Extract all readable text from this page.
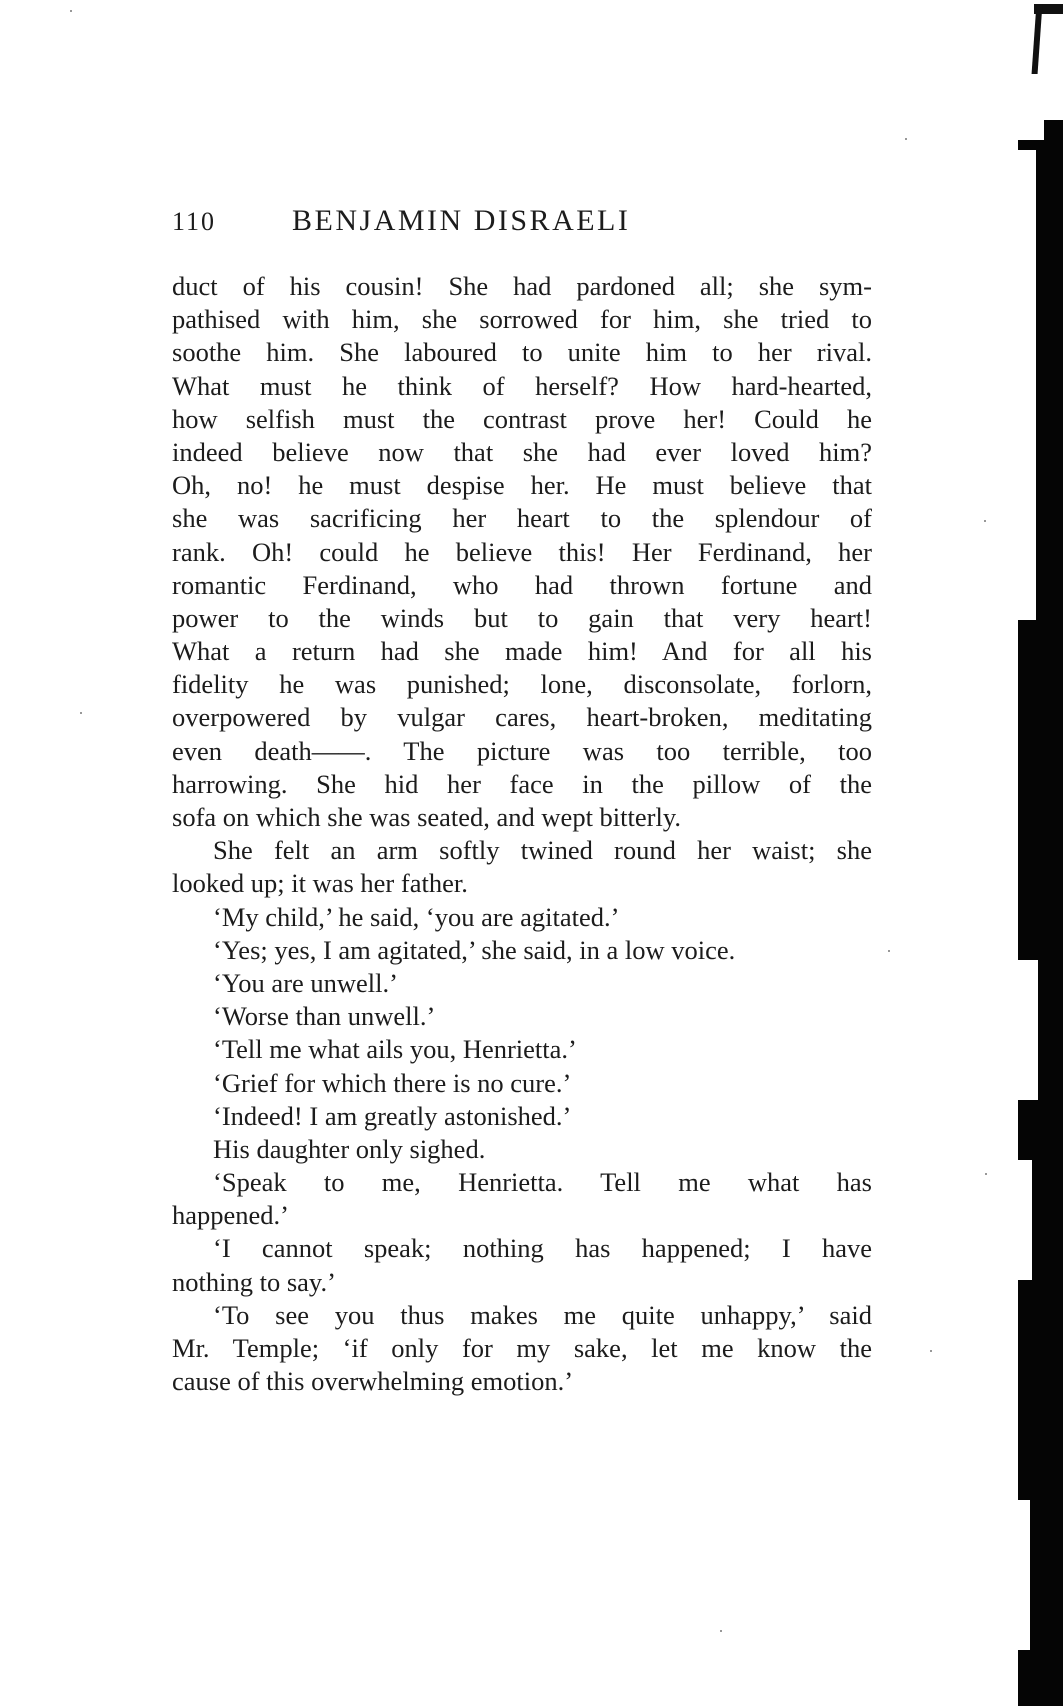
110	BENJAMIN DISRAELI
duct of his cousin! She had pardoned all; she sym-
pathised with him, she sorrowed for him, she tried to
soothe him. She laboured to unite him to her rival.
What must he think of herself? How hard-hearted,
how selfish must the contrast prove her! Could he
indeed believe now that she had ever loved him?
Oh, no! he must despise her. He must believe that
she was sacrificing her heart to the splendour of
rank. Oh! could he believe this! Her Ferdinand, her
romantic Ferdinand, who had thrown fortune and
power to the winds but to gain that very heart!
What a return had she made him! And for all his
fidelity he was punished; lone, disconsolate, forlorn,
overpowered by vulgar cares, heart-broken, meditating
even death——. The picture was too terrible, too
harrowing. She hid her face in the pillow of the
sofa on which she was seated, and wept bitterly.
She felt an arm softly twined round her waist; she
looked up; it was her father.
‘My child,’ he said, ‘you are agitated.’
‘Yes; yes, I am agitated,’ she said, in a low voice.
‘You are unwell.’
‘Worse than unwell.’
‘Tell me what ails you, Henrietta.’
‘Grief for which there is no cure.’
‘Indeed! I am greatly astonished.’
His daughter only sighed.
‘Speak to me, Henrietta. Tell me what has
happened.’
‘I cannot speak; nothing has happened; I have
nothing to say.’
‘To see you thus makes me quite unhappy,’ said
Mr. Temple; ‘if only for my sake, let me know the
cause of this overwhelming emotion.’
